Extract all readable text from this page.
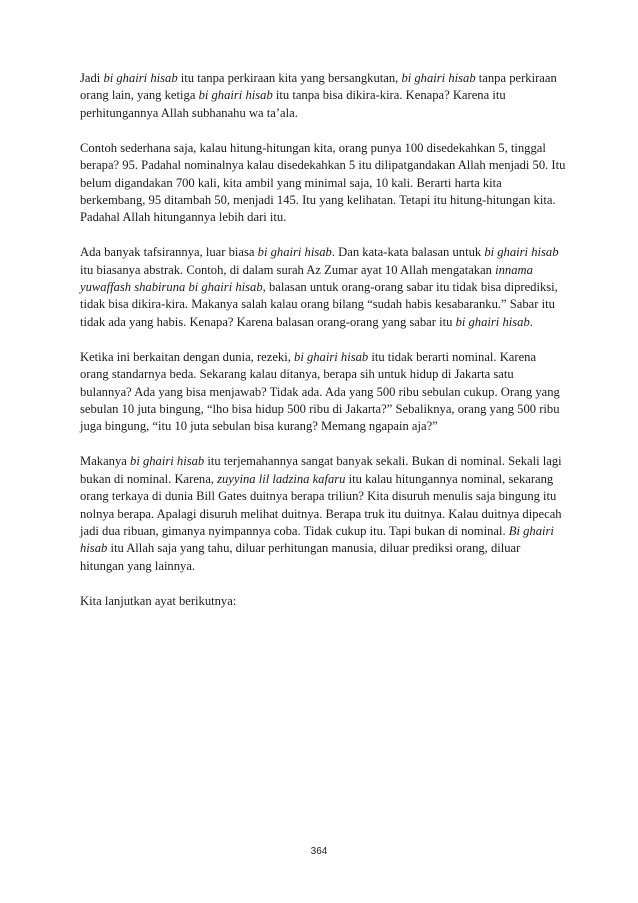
Jadi bi ghairi hisab itu tanpa perkiraan kita yang bersangkutan, bi ghairi hisab tanpa perkiraan orang lain, yang ketiga bi ghairi hisab itu tanpa bisa dikira-kira. Kenapa? Karena itu perhitungannya Allah subhanahu wa ta’ala.

Contoh sederhana saja, kalau hitung-hitungan kita, orang punya 100 disedekahkan 5, tinggal berapa? 95. Padahal nominalnya kalau disedekahkan 5 itu dilipatgandakan Allah menjadi 50. Itu belum digandakan 700 kali, kita ambil yang minimal saja, 10 kali. Berarti harta kita berkembang, 95 ditambah 50, menjadi 145. Itu yang kelihatan. Tetapi itu hitung-hitungan kita. Padahal Allah hitungannya lebih dari itu.

Ada banyak tafsirannya, luar biasa bi ghairi hisab. Dan kata-kata balasan untuk bi ghairi hisab itu biasanya abstrak. Contoh, di dalam surah Az Zumar ayat 10 Allah mengatakan innama yuwaffash shabiruna bi ghairi hisab, balasan untuk orang-orang sabar itu tidak bisa diprediksi, tidak bisa dikira-kira. Makanya salah kalau orang bilang “sudah habis kesabaranku.” Sabar itu tidak ada yang habis. Kenapa? Karena balasan orang-orang yang sabar itu bi ghairi hisab.

Ketika ini berkaitan dengan dunia, rezeki, bi ghairi hisab itu tidak berarti nominal. Karena orang standarnya beda. Sekarang kalau ditanya, berapa sih untuk hidup di Jakarta satu bulannya? Ada yang bisa menjawab? Tidak ada. Ada yang 500 ribu sebulan cukup. Orang yang sebulan 10 juta bingung, “lho bisa hidup 500 ribu di Jakarta?” Sebaliknya, orang yang 500 ribu juga bingung, “itu 10 juta sebulan bisa kurang? Memang ngapain aja?”

Makanya bi ghairi hisab itu terjemahannya sangat banyak sekali. Bukan di nominal. Sekali lagi bukan di nominal. Karena, zuyyina lil ladzina kafaru itu kalau hitungannya nominal, sekarang orang terkaya di dunia Bill Gates duitnya berapa triliun? Kita disuruh menulis saja bingung itu nolnya berapa. Apalagi disuruh melihat duitnya. Berapa truk itu duitnya. Kalau duitnya dipecah jadi dua ribuan, gimanya nyimpannya coba. Tidak cukup itu. Tapi bukan di nominal. Bi ghairi hisab itu Allah saja yang tahu, diluar perhitungan manusia, diluar prediksi orang, diluar hitungan yang lainnya.

Kita lanjutkan ayat berikutnya:

364
